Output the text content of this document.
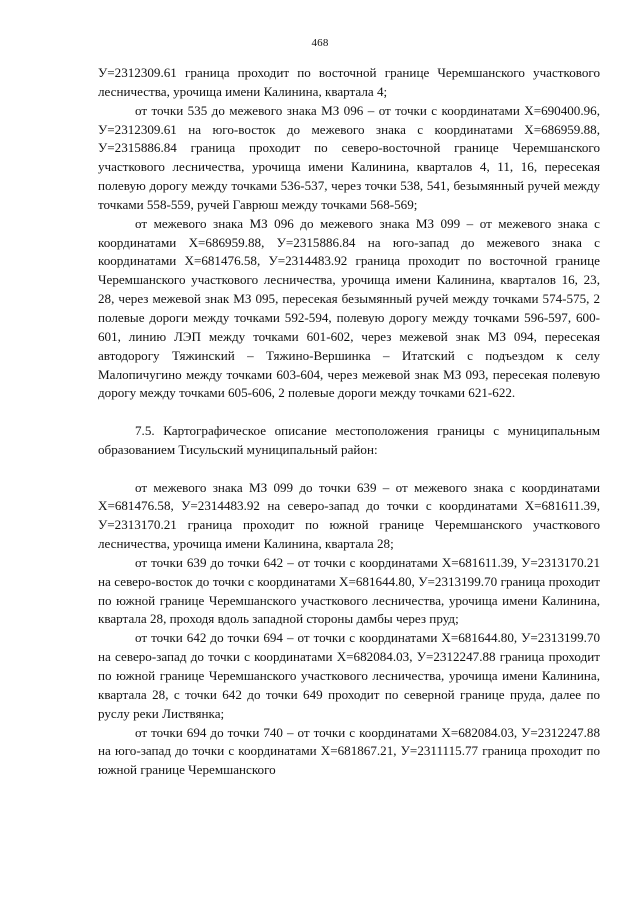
468

У=2312309.61 граница проходит по восточной границе Черемшанского участкового лесничества, урочища имени Калинина, квартала 4;

от точки 535 до межевого знака МЗ 096 – от точки с координатами Х=690400.96, У=2312309.61 на юго-восток до межевого знака с координатами Х=686959.88, У=2315886.84 граница проходит по северо-восточной границе Черемшанского участкового лесничества, урочища имени Калинина, кварталов 4, 11, 16, пересекая полевую дорогу между точками 536-537, через точки 538, 541, безымянный ручей между точками 558-559, ручей Гаврюш между точками 568-569;

от межевого знака МЗ 096 до межевого знака МЗ 099 – от межевого знака с координатами Х=686959.88, У=2315886.84 на юго-запад до межевого знака с координатами Х=681476.58, У=2314483.92 граница проходит по восточной границе Черемшанского участкового лесничества, урочища имени Калинина, кварталов 16, 23, 28, через межевой знак МЗ 095, пересекая безымянный ручей между точками 574-575, 2 полевые дороги между точками 592-594, полевую дорогу между точками 596-597, 600-601, линию ЛЭП между точками 601-602, через межевой знак МЗ 094, пересекая автодорогу Тяжинский – Тяжино-Вершинка – Итатский с подъездом к селу Малопичугино между точками 603-604, через межевой знак МЗ 093, пересекая полевую дорогу между точками 605-606, 2 полевые дороги между точками 621-622.

7.5. Картографическое описание местоположения границы с муниципальным образованием Тисульский муниципальный район:

от межевого знака МЗ 099 до точки 639 – от межевого знака с координатами Х=681476.58, У=2314483.92 на северо-запад до точки с координатами Х=681611.39, У=2313170.21 граница проходит по южной границе Черемшанского участкового лесничества, урочища имени Калинина, квартала 28;

от точки 639 до точки 642 – от точки с координатами Х=681611.39, У=2313170.21 на северо-восток до точки с координатами Х=681644.80, У=2313199.70 граница проходит по южной границе Черемшанского участкового лесничества, урочища имени Калинина, квартала 28, проходя вдоль западной стороны дамбы через пруд;

от точки 642 до точки 694 – от точки с координатами Х=681644.80, У=2313199.70 на северо-запад до точки с координатами Х=682084.03, У=2312247.88 граница проходит по южной границе Черемшанского участкового лесничества, урочища имени Калинина, квартала 28, с точки 642 до точки 649 проходит по северной границе пруда, далее по руслу реки Листвянка;

от точки 694 до точки 740 – от точки с координатами Х=682084.03, У=2312247.88 на юго-запад до точки с координатами Х=681867.21, У=2311115.77 граница проходит по южной границе Черемшанского
